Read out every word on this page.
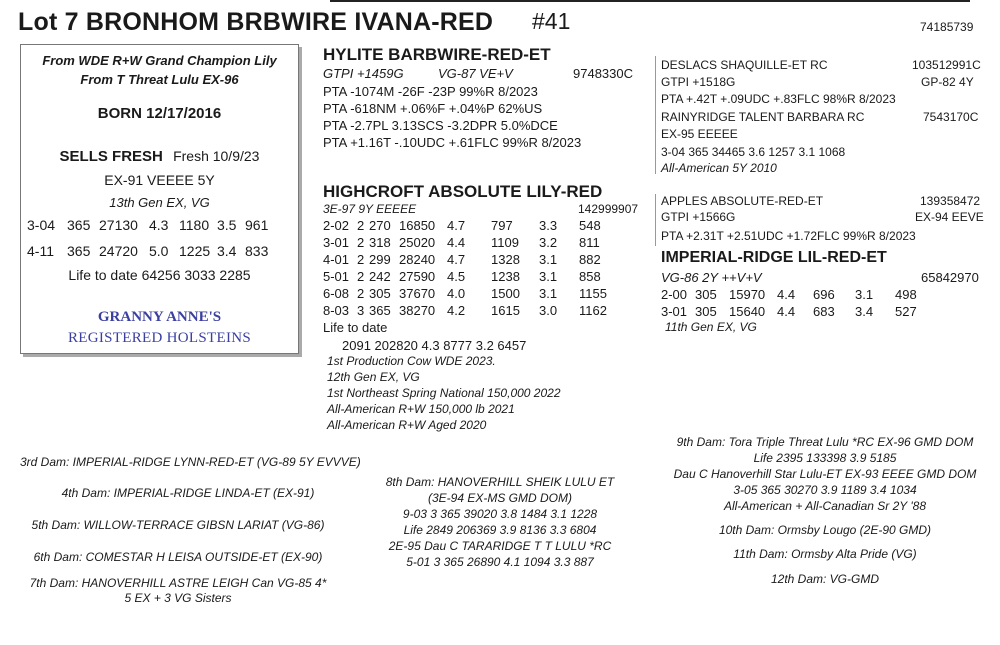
Lot 7 BRONHOM BRBWIRE IVANA-RED #41	74185739
From WDE R+W Grand Champion Lily
From T Threat Lulu EX-96
BORN 12/17/2016
SELLS FRESH Fresh 10/9/23
EX-91 VEEEE 5Y
13th Gen EX, VG
3-04 365 27130 4.3 1180 3.5 961
4-11 365 24720 5.0 1225 3.4 833
Life to date 64256 3033 2285
GRANNY ANNE'S
REGISTERED HOLSTEINS
HYLITE BARBWIRE-RED-ET
GTPI +1459G	VG-87 VE+V	9748330C
PTA -1074M -26F -23P 99%R 8/2023
PTA -618NM +.06%F +.04%P 62%US
PTA -2.7PL 3.13SCS -3.2DPR 5.0%DCE
PTA +1.16T -.10UDC +.61FLC 99%R 8/2023
DESLACS SHAQUILLE-ET RC	103512991C
GTPI +1518G	GP-82 4Y
PTA +.42T +.09UDC +.83FLC 98%R 8/2023
RAINYRIDGE TALENT BARBARA RC	7543170C
EX-95 EEEEE
3-04 365 34465 3.6 1257 3.1 1068
All-American 5Y 2010
HIGHCROFT ABSOLUTE LILY-RED
3E-97 9Y EEEEE	142999907
2-02 2 270 16850 4.7 797 3.3 548
3-01 2 318 25020 4.4 1109 3.2 811
4-01 2 299 28240 4.7 1328 3.1 882
5-01 2 242 27590 4.5 1238 3.1 858
6-08 2 305 37670 4.0 1500 3.1 1155
8-03 3 365 38270 4.2 1615 3.0 1162
Life to date
2091 202820 4.3 8777 3.2 6457
1st Production Cow WDE 2023.
12th Gen EX, VG
1st Northeast Spring National 150,000 2022
All-American R+W 150,000 lb 2021
All-American R+W Aged 2020
APPLES ABSOLUTE-RED-ET	139358472
GTPI +1566G	EX-94 EEVE
PTA +2.31T +2.51UDC +1.72FLC 99%R 8/2023
IMPERIAL-RIDGE LIL-RED-ET
VG-86 2Y ++V+V	65842970
2-00 305 15970 4.4 696 3.1 498
3-01 305 15640 4.4 683 3.4 527
11th Gen EX, VG
3rd Dam: IMPERIAL-RIDGE LYNN-RED-ET (VG-89 5Y EVVVE)
4th Dam: IMPERIAL-RIDGE LINDA-ET (EX-91)
5th Dam: WILLOW-TERRACE GIBSN LARIAT (VG-86)
6th Dam: COMESTAR H LEISA OUTSIDE-ET (EX-90)
7th Dam: HANOVERHILL ASTRE LEIGH Can VG-85 4*
5 EX + 3 VG Sisters
8th Dam: HANOVERHILL SHEIK LULU ET
(3E-94 EX-MS GMD DOM)
9-03 3 365 39020 3.8 1484 3.1 1228
Life 2849 206369 3.9 8136 3.3 6804
2E-95 Dau C TARARIDGE T T LULU *RC
5-01 3 365 26890 4.1 1094 3.3 887
9th Dam: Tora Triple Threat Lulu *RC EX-96 GMD DOM
Life 2395 133398 3.9 5185
Dau C Hanoverhill Star Lulu-ET EX-93 EEEE GMD DOM
3-05 365 30270 3.9 1189 3.4 1034
All-American + All-Canadian Sr 2Y '88
10th Dam: Ormsby Lougo (2E-90 GMD)
11th Dam: Ormsby Alta Pride (VG)
12th Dam: VG-GMD
